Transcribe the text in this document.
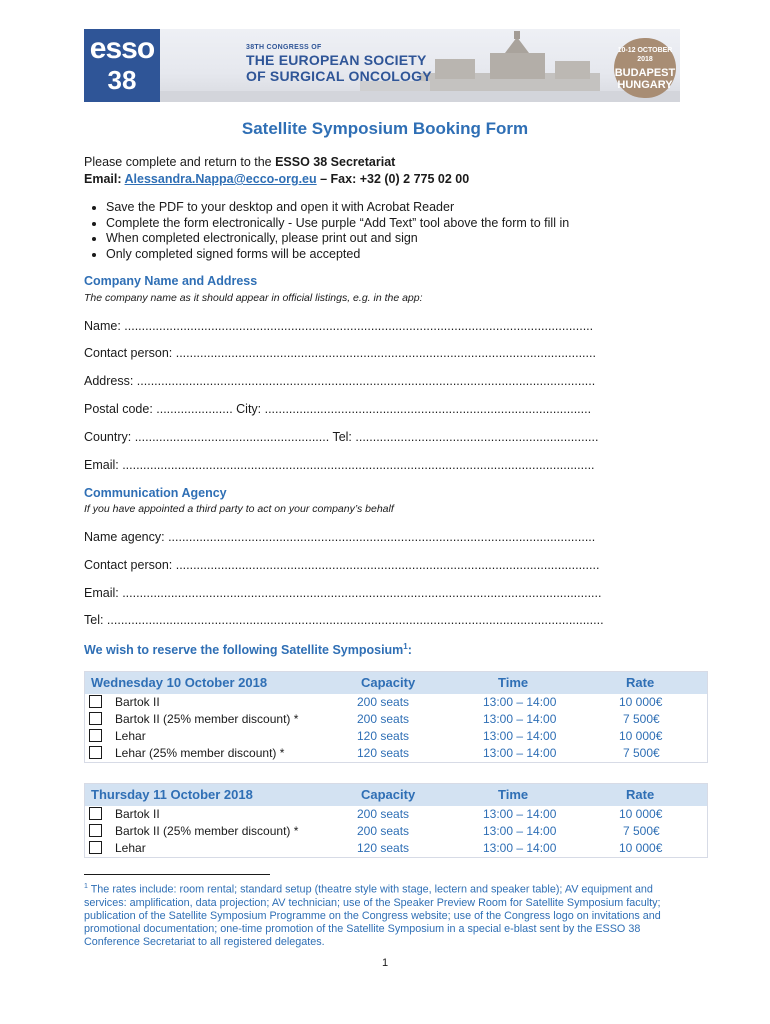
esso
38
38TH CONGRESS OF
THE EUROPEAN SOCIETY
OF SURGICAL ONCOLOGY
10-12 OCTOBER
2018
BUDAPEST
HUNGARY
Satellite Symposium Booking Form
Please complete and return to the ESSO 38 Secretariat
Email: Alessandra.Nappa@ecco-org.eu – Fax: +32 (0) 2 775 02 00
• Save the PDF to your desktop and open it with Acrobat Reader
• Complete the form electronically - Use purple “Add Text” tool above the form to fill in
• When completed electronically, please print out and sign
• Only completed signed forms will be accepted
Company Name and Address
The company name as it should appear in official listings, e.g. in the app:
Name: .......................................................................................................................................
Contact person: .........................................................................................................................
Address: ....................................................................................................................................
Postal code: ...................... City: ..............................................................................................
Country: ........................................................ Tel: ......................................................................
Email: ........................................................................................................................................
Communication Agency
If you have appointed a third party to act on your company’s behalf
Name agency: ...........................................................................................................................
Contact person: ..........................................................................................................................
Email: ..........................................................................................................................................
Tel: ...............................................................................................................................................
We wish to reserve the following Satellite Symposium$^1$:
Wednesday 10 October 2018	Capacity	Time	Rate
Bartok II	200 seats	13:00 – 14:00	10 000€
Bartok II (25% member discount) *	200 seats	13:00 – 14:00	7 500€
Lehar	120 seats	13:00 – 14:00	10 000€
Lehar (25% member discount) *	120 seats	13:00 – 14:00	7 500€
Thursday 11 October 2018	Capacity	Time	Rate
Bartok II	200 seats	13:00 – 14:00	10 000€
Bartok II (25% member discount) *	200 seats	13:00 – 14:00	7 500€
Lehar	120 seats	13:00 – 14:00	10 000€
$^1$ The rates include: room rental; standard setup (theatre style with stage, lectern and speaker table); AV equipment and services: amplification, data projection; AV technician; use of the Speaker Preview Room for Satellite Symposium faculty; publication of the Satellite Symposium Programme on the Congress website; use of the Congress logo on invitations and promotional documentation; one-time promotion of the Satellite Symposium in a special e-blast sent by the ESSO 38 Conference Secretariat to all registered delegates.
1
